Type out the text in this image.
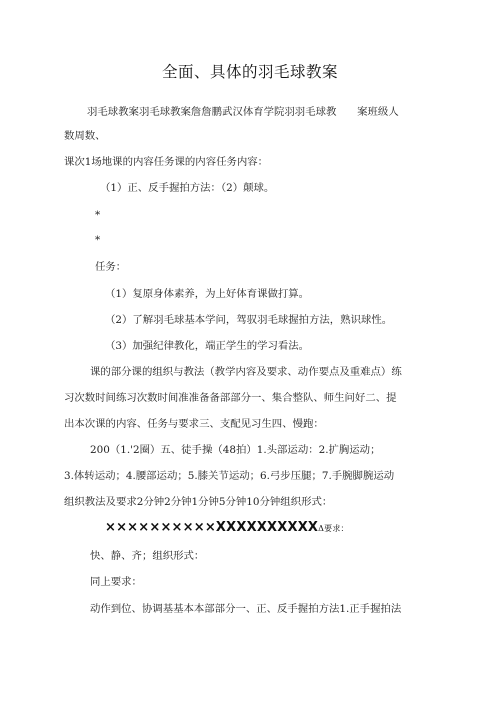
全面、具体的羽毛球教案
羽毛球教案羽毛球教案詹詹鹏武汉体育学院羽羽毛球教　　案班级人
数周数、
课次1场地课的内容任务课的内容任务内容：
（1）正、反手握拍方法：（2）颠球。
*
*
任务：
（1）复原身体素养，为上好体育课做打算。
（2）了解羽毛球基本学问，驾驭羽毛球握拍方法，熟识球性。
（3）加强纪律教化，端正学生的学习看法。
课的部分课的组织与教法（教学内容及要求、动作要点及重难点）练
习次数时间练习次数时间准准备备部部分一、集合整队、师生问好二、提
出本次课的内容、任务与要求三、支配见习生四、慢跑：
200（1.'2圈）五、徒手操（48拍）1.头部运动：2.扩胸运动；
3.体转运动；4.腰部运动；5.膝关节运动；6.弓步压腿；7.手腕脚腕运动
组织教法及要求2分钟2分钟1分钟5分钟10分钟组织形式：
××××××××××XXXXXXXXXXΔ要求：
快、静、齐；组织形式：
同上要求：
动作到位、协调基基本本部部分一、正、反手握拍方法1.正手握拍法
